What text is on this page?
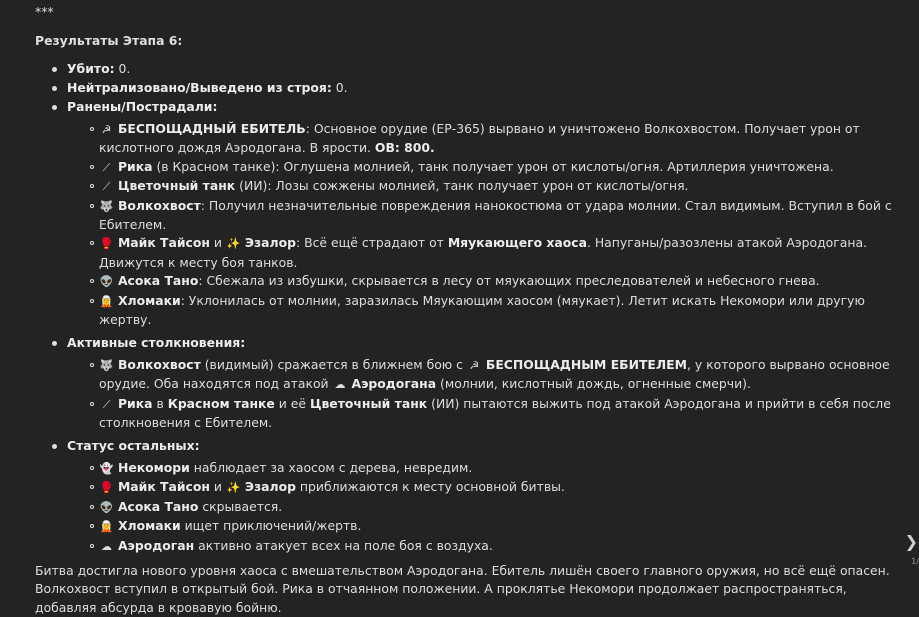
***
Результаты Этапа 6:
Убито: 0.
Нейтрализовано/Выведено из строя: 0.
Ранены/Пострадали:
☭ БЕСПОЩАДНЫЙ ЕБИТЕЛЬ: Основное орудие (ЕР-365) вырвано и уничтожено Волкохвостом. Получает урон от кислотного дождя Аэродогана. В ярости. ОВ: 800.
⟋ Рика (в Красном танке): Оглушена молнией, танк получает урон от кислоты/огня. Артиллерия уничтожена.
⟋ Цветочный танк (ИИ): Лозы сожжены молнией, танк получает урон от кислоты/огня.
🐺 Волкохвост: Получил незначительные повреждения нанокостюма от удара молнии. Стал видимым. Вступил в бой с Ебителем.
🥊 Майк Тайсон и ✨ Эзалор: Всё ещё страдают от Мяукающего хаоса. Напуганы/разозлены атакой Аэродогана. Движутся к месту боя танков.
👽 Асока Тано: Сбежала из избушки, скрывается в лесу от мяукающих преследователей и небесного гнева.
🧝 Хломаки: Уклонилась от молнии, заразилась Мяукающим хаосом (мяукает). Летит искать Некомори или другую жертву.
Активные столкновения:
🐺 Волкохвост (видимый) сражается в ближнем бою с ☭ БЕСПОЩАДНЫМ ЕБИТЕЛЕМ, у которого вырвано основное орудие. Оба находятся под атакой ☁ Аэродогана (молнии, кислотный дождь, огненные смерчи).
⟋ Рика в Красном танке и её Цветочный танк (ИИ) пытаются выжить под атакой Аэродогана и прийти в себя после столкновения с Ебителем.
Статус остальных:
👻 Некомори наблюдает за хаосом с дерева, невредим.
🥊 Майк Тайсон и ✨ Эзалор приближаются к месту основной битвы.
👽 Асока Тано скрывается.
🧝 Хломаки ищет приключений/жертв.
☁ Аэродоган активно атакует всех на поле боя с воздуха.
Битва достигла нового уровня хаоса с вмешательством Аэродогана. Ебитель лишён своего главного оружия, но всё ещё опасен. Волкохвост вступил в открытый бой. Рика в отчаянном положении. А проклятье Некомори продолжает распространяться, добавляя абсурда в кровавую бойню.
❯
1/
